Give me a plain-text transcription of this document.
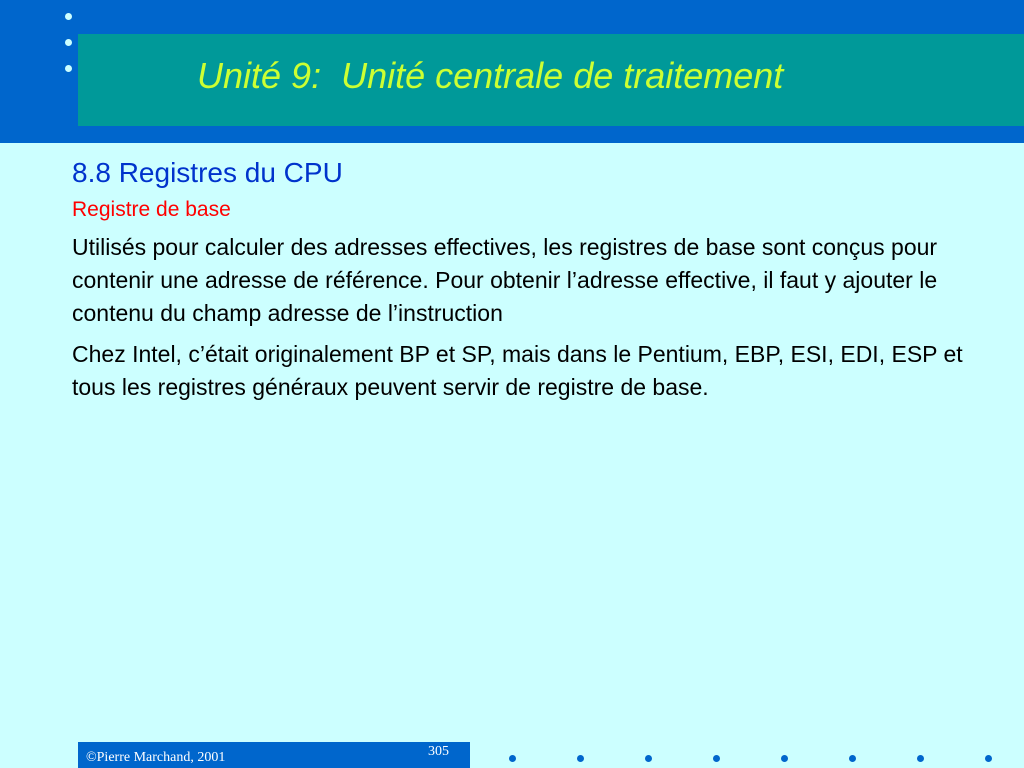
Unité 9:  Unité centrale de traitement
8.8 Registres du CPU

Registre de base

Utilisés pour calculer des adresses effectives, les registres de base sont conçus pour contenir une adresse de référence. Pour obtenir l’adresse effective, il faut y ajouter le contenu du champ adresse de l’instruction

Chez Intel, c’était originalement BP et SP, mais dans le Pentium, EBP, ESI, EDI, ESP et tous les registres généraux peuvent servir de registre de base.

©Pierre Marchand, 2001	305
